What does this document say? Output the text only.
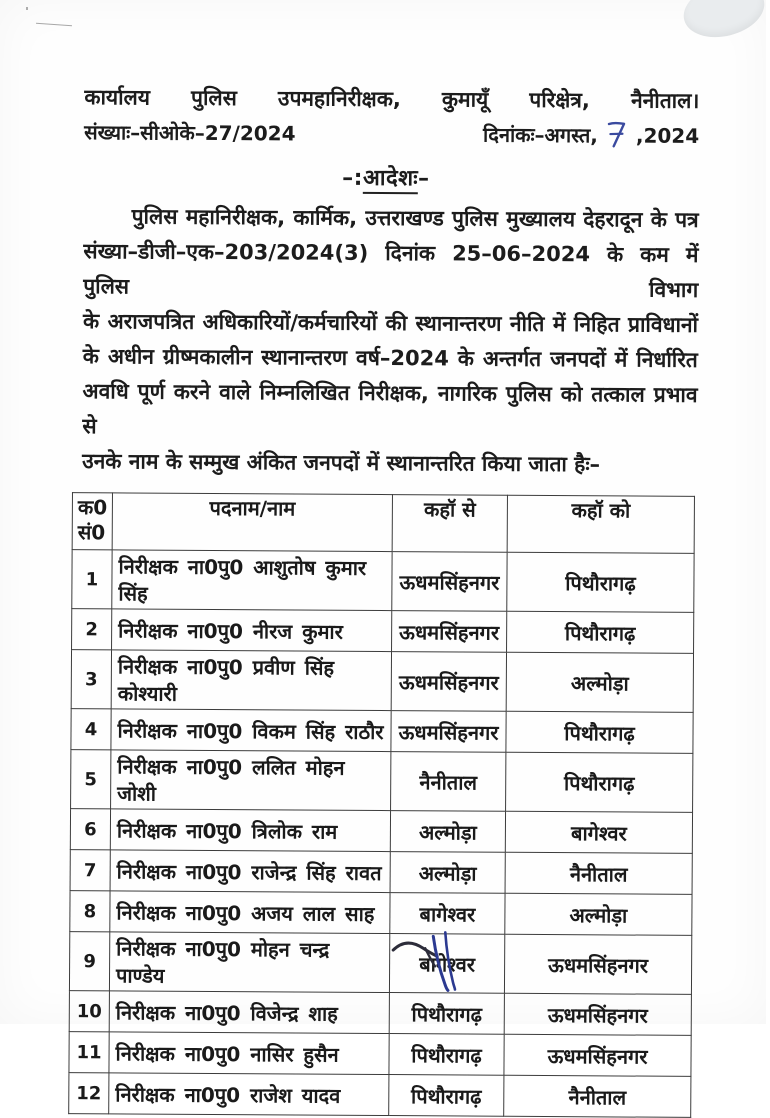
कार्यालय पुलिस उपमहानिरीक्षक, कुमायूँ परिक्षेत्र, नैनीताल।
संख्याः–सीओके–27/2024	दिनांकः–अगस्त, ,2024
–:आदेशः–
पुलिस महानिरीक्षक, कार्मिक, उत्तराखण्ड पुलिस मुख्यालय देहरादून के पत्र
संख्या–डीजी–एक–203/2024(3) दिनांक 25–06–2024 के कम में पुलिस विभाग
के अराजपत्रित अधिकारियों/कर्मचारियों की स्थानान्तरण नीति में निहित प्राविधानों
के अधीन ग्रीष्मकालीन स्थानान्तरण वर्ष–2024 के अन्तर्गत जनपदों में निर्धारित
अवधि पूर्ण करने वाले निम्नलिखित निरीक्षक, नागरिक पुलिस को तत्काल प्रभाव से
उनके नाम के सम्मुख अंकित जनपदों में स्थानान्तरित किया जाता हैः–
क0
सं0	पदनाम/नाम	कहॉ से	कहॉ को
1	निरीक्षक ना0पु0 आशुतोष कुमार सिंह	ऊधमसिंहनगर	पिथौरागढ़
2	निरीक्षक ना0पु0 नीरज कुमार	ऊधमसिंहनगर	पिथौरागढ़
3	निरीक्षक ना0पु0 प्रवीण सिंह कोश्यारी	ऊधमसिंहनगर	अल्मोड़ा
4	निरीक्षक ना0पु0 विकम सिंह राठौर	ऊधमसिंहनगर	पिथौरागढ़
5	निरीक्षक ना0पु0 ललित मोहन जोशी	नैनीताल	पिथौरागढ़
6	निरीक्षक ना0पु0 त्रिलोक राम	अल्मोड़ा	बागेश्वर
7	निरीक्षक ना0पु0 राजेन्द्र सिंह रावत	अल्मोड़ा	नैनीताल
8	निरीक्षक ना0पु0 अजय लाल साह	बागेश्वर	अल्मोड़ा
9	निरीक्षक ना0पु0 मोहन चन्द्र पाण्डेय	बागेश्वर	ऊधमसिंहनगर
10	निरीक्षक ना0पु0 विजेन्द्र शाह	पिथौरागढ़	ऊधमसिंहनगर
11	निरीक्षक ना0पु0 नासिर हुसैन	पिथौरागढ़	ऊधमसिंहनगर
12	निरीक्षक ना0पु0 राजेश यादव	पिथौरागढ़	नैनीताल
